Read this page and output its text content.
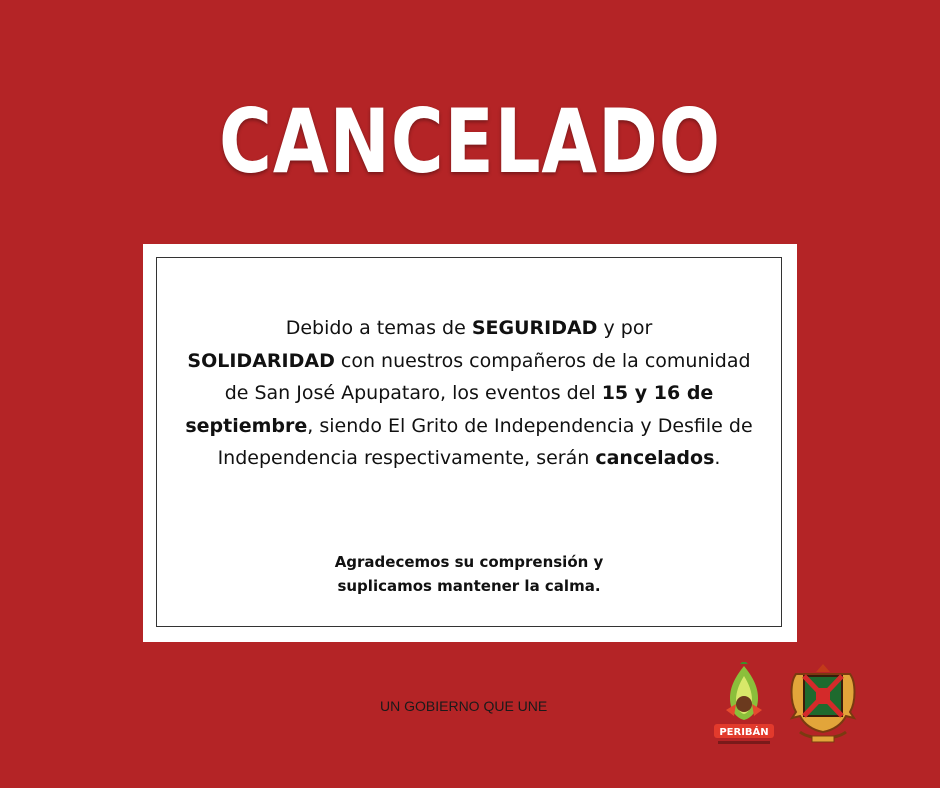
CANCELADO
Debido a temas de SEGURIDAD y por
SOLIDARIDAD con nuestros compañeros de la comunidad de San José Apupataro, los eventos del 15 y 16 de septiembre, siendo El Grito de Independencia y Desfile de Independencia respectivamente, serán cancelados.
Agradecemos su comprensión y
suplicamos mantener la calma.
UN GOBIERNO QUE UNE
PERIBÁN
